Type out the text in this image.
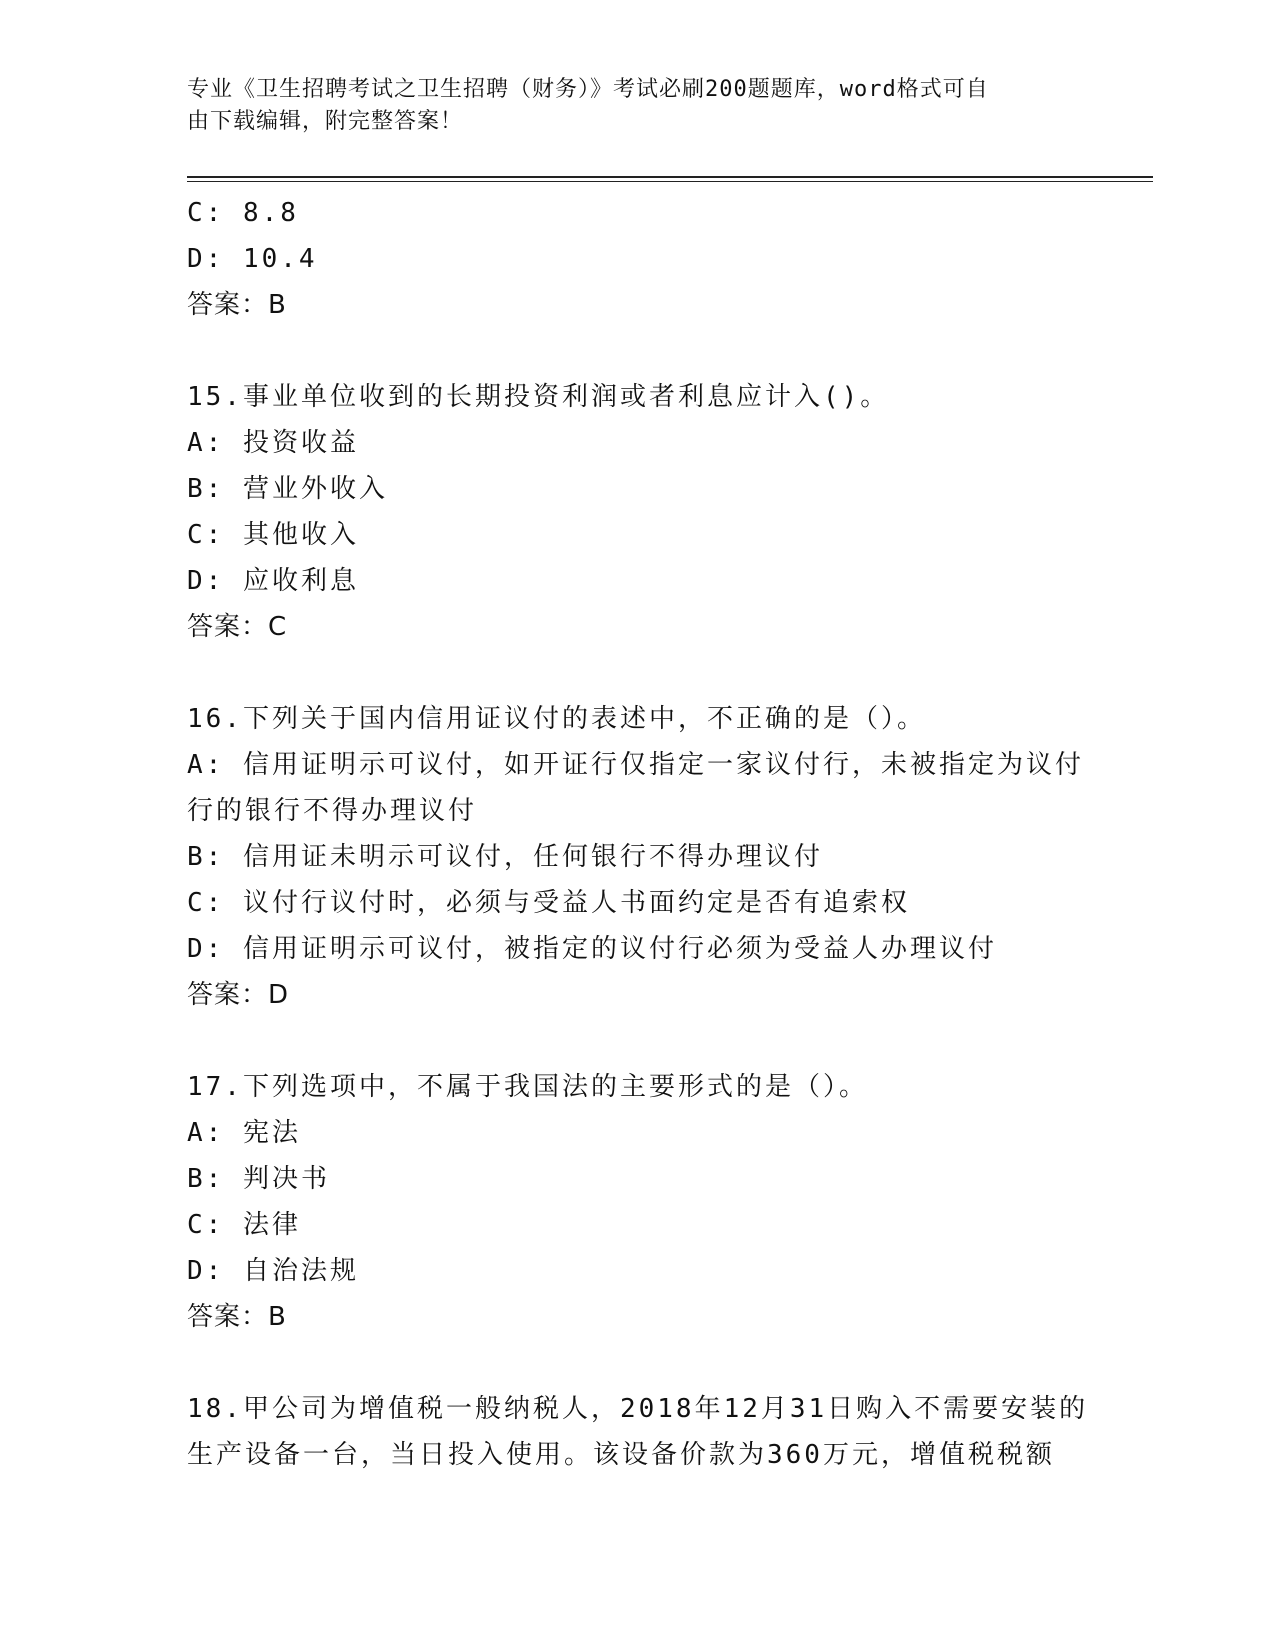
专业《卫生招聘考试之卫生招聘（财务）》考试必刷200题题库，word格式可自
由下载编辑，附完整答案！
C: 8.8
D: 10.4
答案：B
15.事业单位收到的长期投资利润或者利息应计入()。
A: 投资收益
B: 营业外收入
C: 其他收入
D: 应收利息
答案：C
16.下列关于国内信用证议付的表述中，不正确的是（）。
A: 信用证明示可议付，如开证行仅指定一家议付行，未被指定为议付
行的银行不得办理议付
B: 信用证未明示可议付，任何银行不得办理议付
C: 议付行议付时，必须与受益人书面约定是否有追索权
D: 信用证明示可议付，被指定的议付行必须为受益人办理议付
答案：D
17.下列选项中，不属于我国法的主要形式的是（）。
A: 宪法
B: 判决书
C: 法律
D: 自治法规
答案：B
18.甲公司为增值税一般纳税人，2018年12月31日购入不需要安装的
生产设备一台，当日投入使用。该设备价款为360万元，增值税税额
